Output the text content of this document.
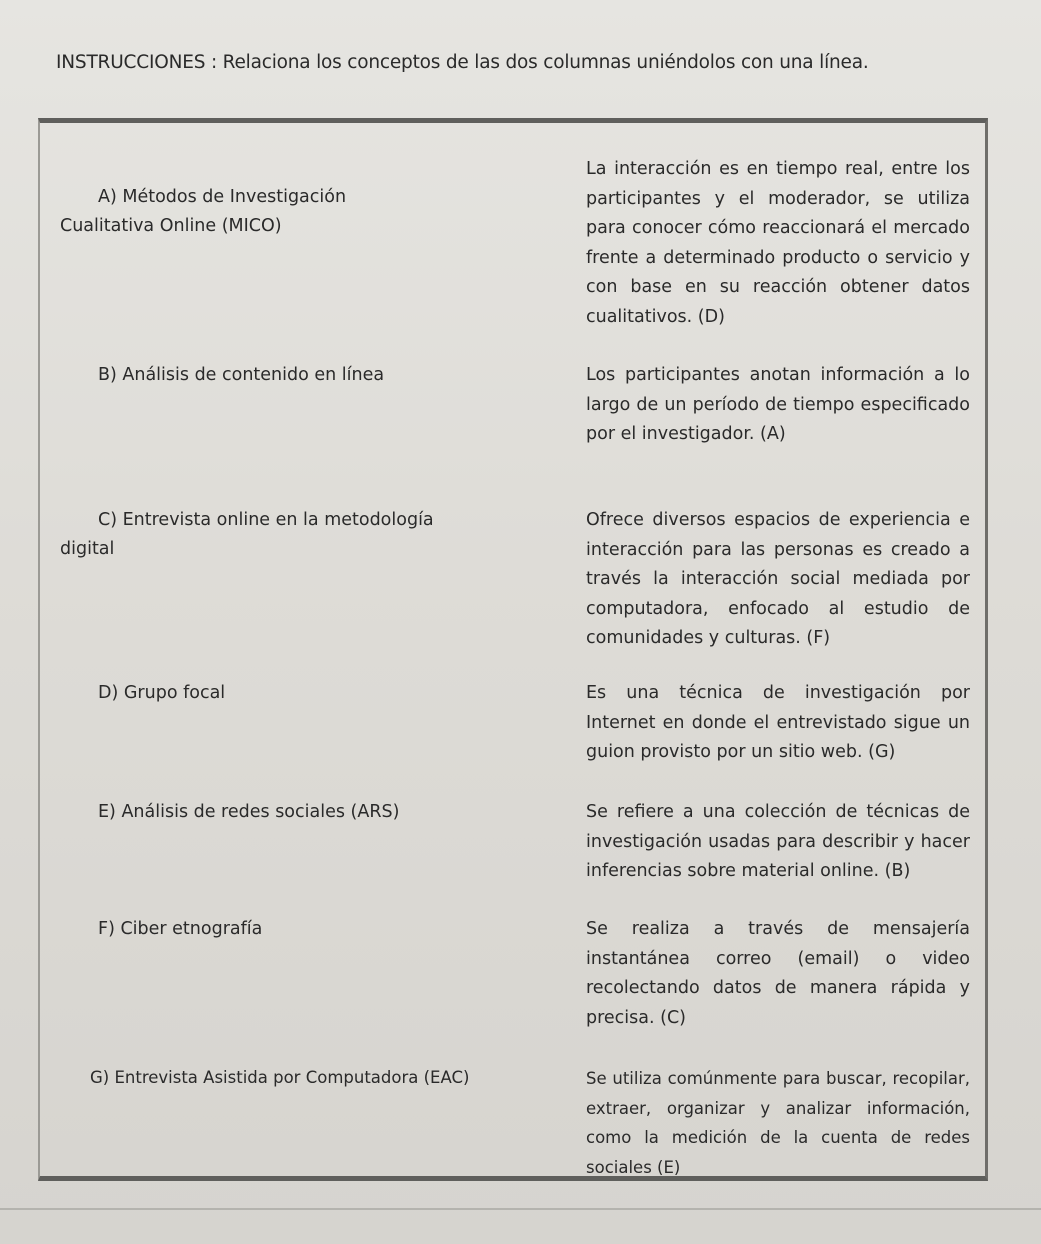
INSTRUCCIONES : Relaciona los conceptos de las dos columnas uniéndolos con una línea.
A) Métodos de Investigación
Cualitativa Online (MICO)
B) Análisis de contenido en línea
C) Entrevista online en la metodología
digital
D) Grupo focal
E) Análisis de redes sociales (ARS)
F) Ciber etnografía
G) Entrevista Asistida por Computadora (EAC)
La interacción es en tiempo real, entre los participantes y el moderador, se utiliza para conocer cómo reaccionará el mercado frente a determinado producto o servicio y con base en su reacción obtener datos cualitativos. (D)
Los participantes anotan información a lo largo de un período de tiempo especificado por el investigador. (A)
Ofrece diversos espacios de experiencia e interacción para las personas es creado a través la interacción social mediada por computadora, enfocado al estudio de comunidades y culturas. (F)
Es una técnica de investigación por Internet en donde el entrevistado sigue un guion provisto por un sitio web. (G)
Se refiere a una colección de técnicas de investigación usadas para describir y hacer inferencias sobre material online. (B)
Se realiza a través de mensajería instantánea correo (email) o video recolectando datos de manera rápida y precisa. (C)
Se utiliza comúnmente para buscar, recopilar, extraer, organizar y analizar información, como la medición de la cuenta de redes sociales (E)
